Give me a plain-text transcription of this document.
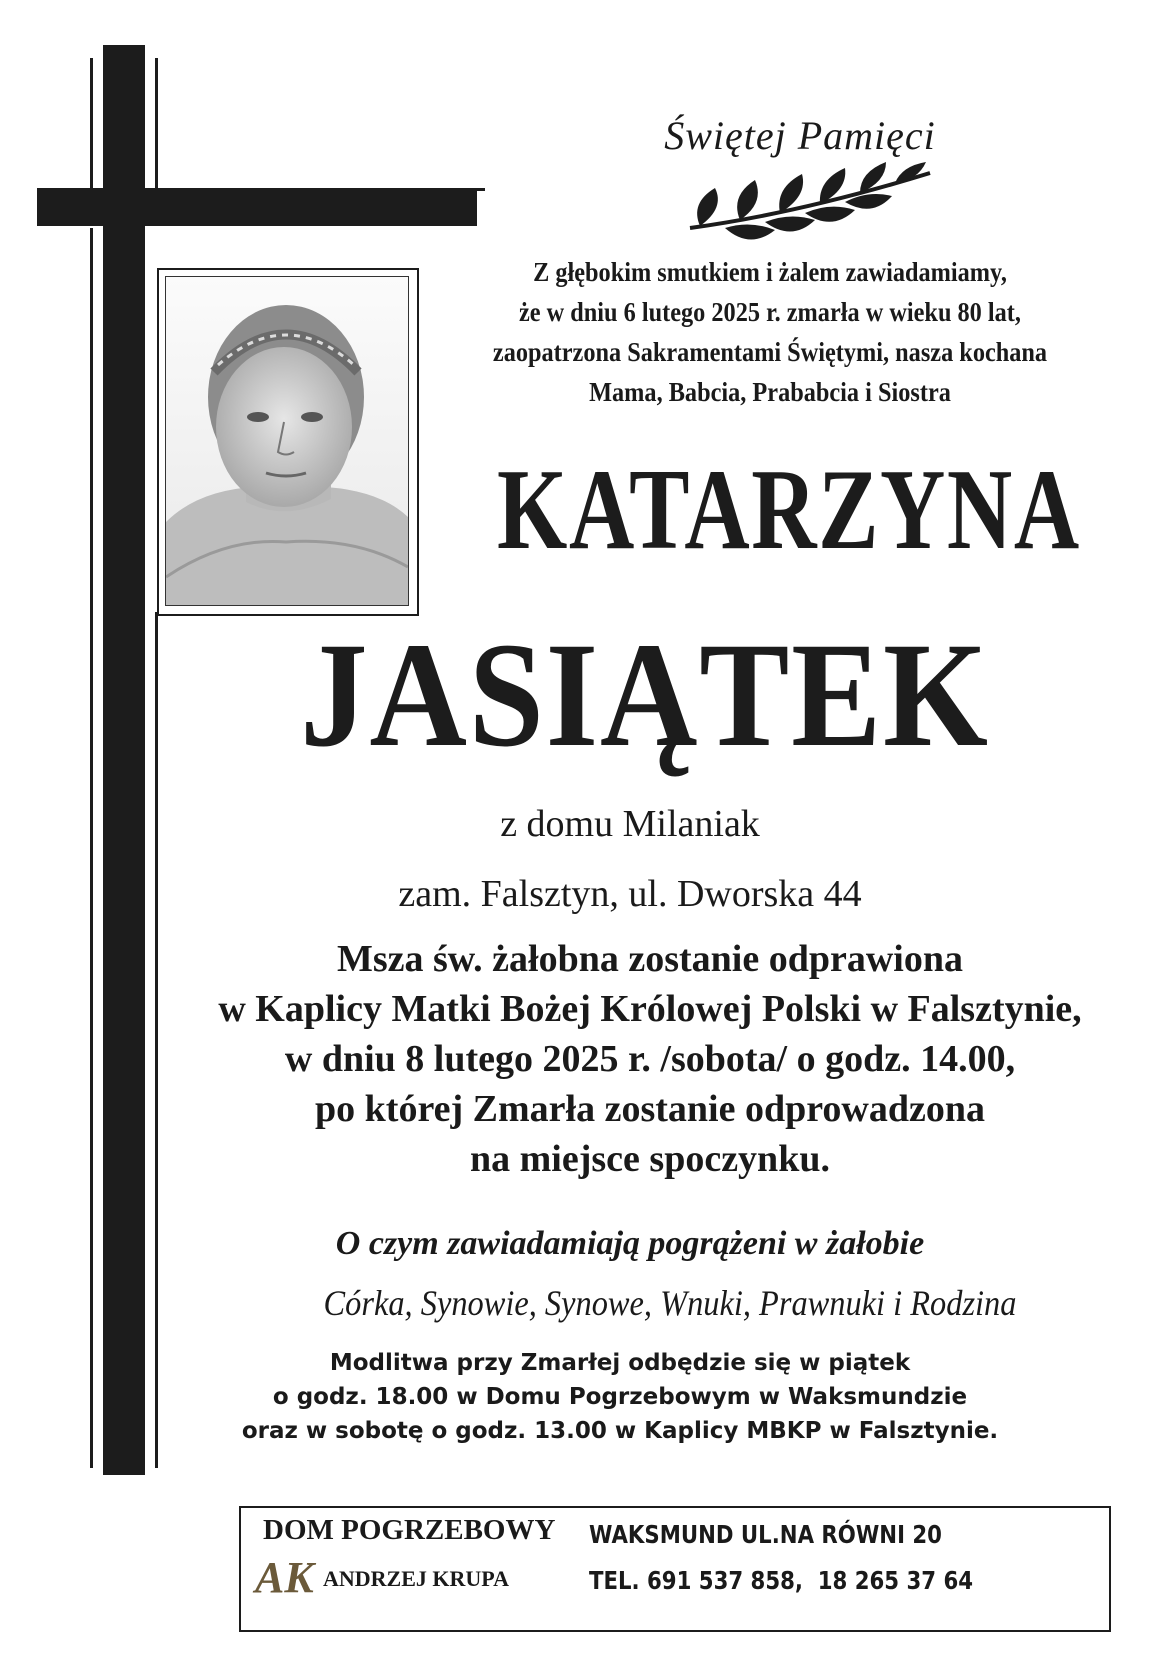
Świętej Pamięci
Z głębokim smutkiem i żalem zawiadamiamy,
że w dniu 6 lutego 2025 r. zmarła w wieku 80 lat,
zaopatrzona Sakramentami Świętymi, nasza kochana
Mama, Babcia, Prababcia i Siostra
KATARZYNA
JASIĄTEK
z domu Milaniak
zam. Falsztyn, ul. Dworska 44
Msza św. żałobna zostanie odprawiona
w Kaplicy Matki Bożej Królowej Polski w Falsztynie,
w dniu 8 lutego 2025 r. /sobota/ o godz. 14.00,
po której Zmarła zostanie odprowadzona
na miejsce spoczynku.
O czym zawiadamiają pogrążeni w żałobie
Córka, Synowie, Synowe, Wnuki, Prawnuki i Rodzina
Modlitwa przy Zmarłej odbędzie się w piątek
o godz. 18.00 w Domu Pogrzebowym w Waksmundzie
oraz w sobotę o godz. 13.00 w Kaplicy MBKP w Falsztynie.
DOM POGRZEBOWY
AK ANDRZEJ KRUPA
WAKSMUND UL.NA RÓWNI 20
TEL. 691 537 858,  18 265 37 64
